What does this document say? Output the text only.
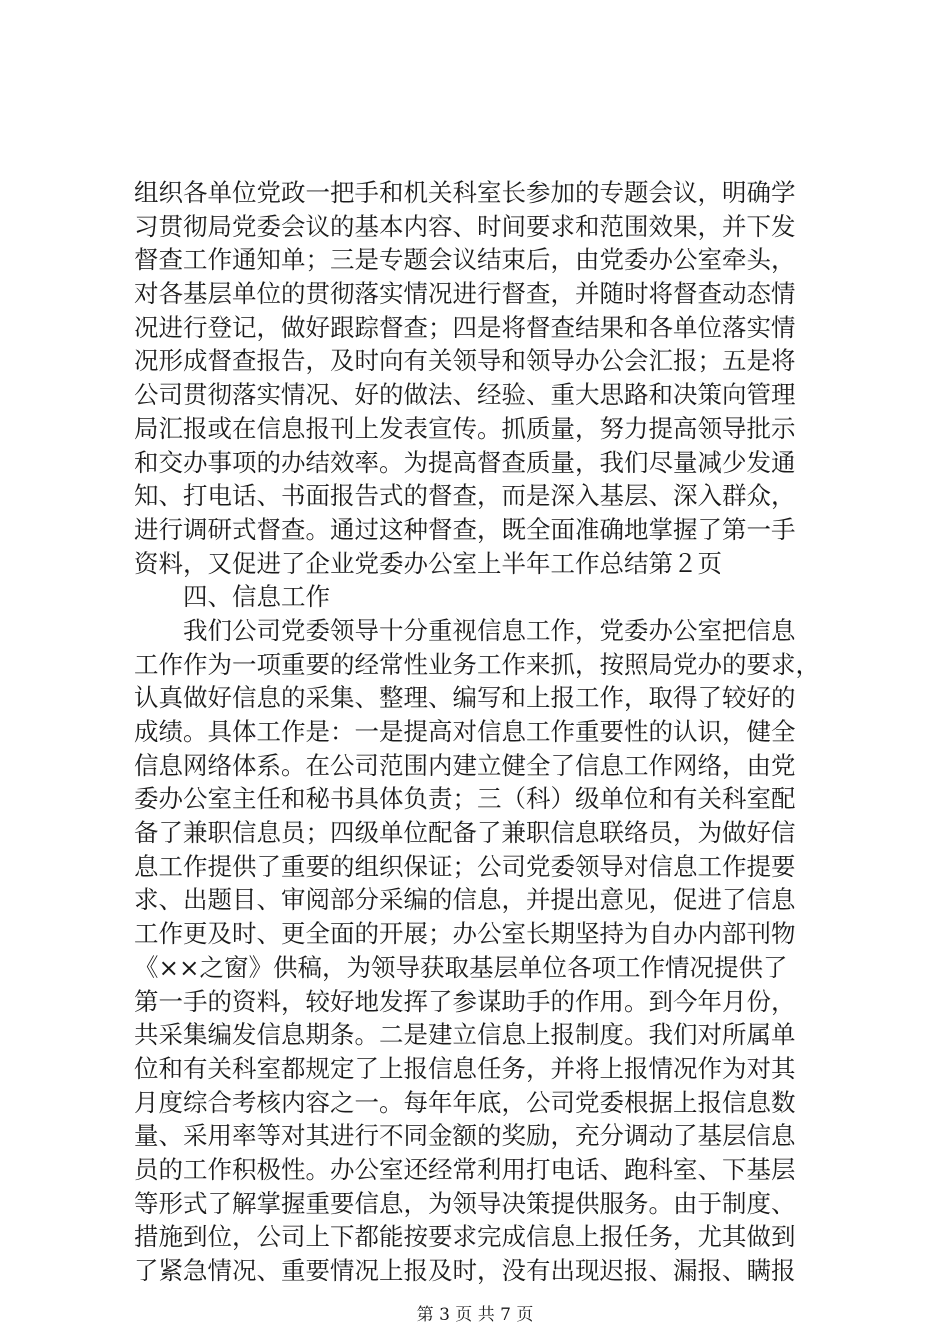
组织各单位党政一把手和机关科室长参加的专题会议，明确学
习贯彻局党委会议的基本内容、时间要求和范围效果，并下发
督查工作通知单；三是专题会议结束后，由党委办公室牵头，
对各基层单位的贯彻落实情况进行督查，并随时将督查动态情
况进行登记，做好跟踪督查；四是将督查结果和各单位落实情
况形成督查报告，及时向有关领导和领导办公会汇报；五是将
公司贯彻落实情况、好的做法、经验、重大思路和决策向管理
局汇报或在信息报刊上发表宣传。抓质量，努力提高领导批示
和交办事项的办结效率。为提高督查质量，我们尽量减少发通
知、打电话、书面报告式的督查，而是深入基层、深入群众，
进行调研式督查。通过这种督查，既全面准确地掌握了第一手
资料，又促进了企业党委办公室上半年工作总结第２页
四、信息工作
我们公司党委领导十分重视信息工作，党委办公室把信息
工作作为一项重要的经常性业务工作来抓，按照局党办的要求，
认真做好信息的采集、整理、编写和上报工作，取得了较好的
成绩。具体工作是：一是提高对信息工作重要性的认识，健全
信息网络体系。在公司范围内建立健全了信息工作网络，由党
委办公室主任和秘书具体负责；三（科）级单位和有关科室配
备了兼职信息员；四级单位配备了兼职信息联络员，为做好信
息工作提供了重要的组织保证；公司党委领导对信息工作提要
求、出题目、审阅部分采编的信息，并提出意见，促进了信息
工作更及时、更全面的开展；办公室长期坚持为自办内部刊物
《××之窗》供稿，为领导获取基层单位各项工作情况提供了
第一手的资料，较好地发挥了参谋助手的作用。到今年月份，
共采集编发信息期条。二是建立信息上报制度。我们对所属单
位和有关科室都规定了上报信息任务，并将上报情况作为对其
月度综合考核内容之一。每年年底，公司党委根据上报信息数
量、采用率等对其进行不同金额的奖励，充分调动了基层信息
员的工作积极性。办公室还经常利用打电话、跑科室、下基层
等形式了解掌握重要信息，为领导决策提供服务。由于制度、
措施到位，公司上下都能按要求完成信息上报任务，尤其做到
了紧急情况、重要情况上报及时，没有出现迟报、漏报、瞒报
第 3 页 共 7 页
